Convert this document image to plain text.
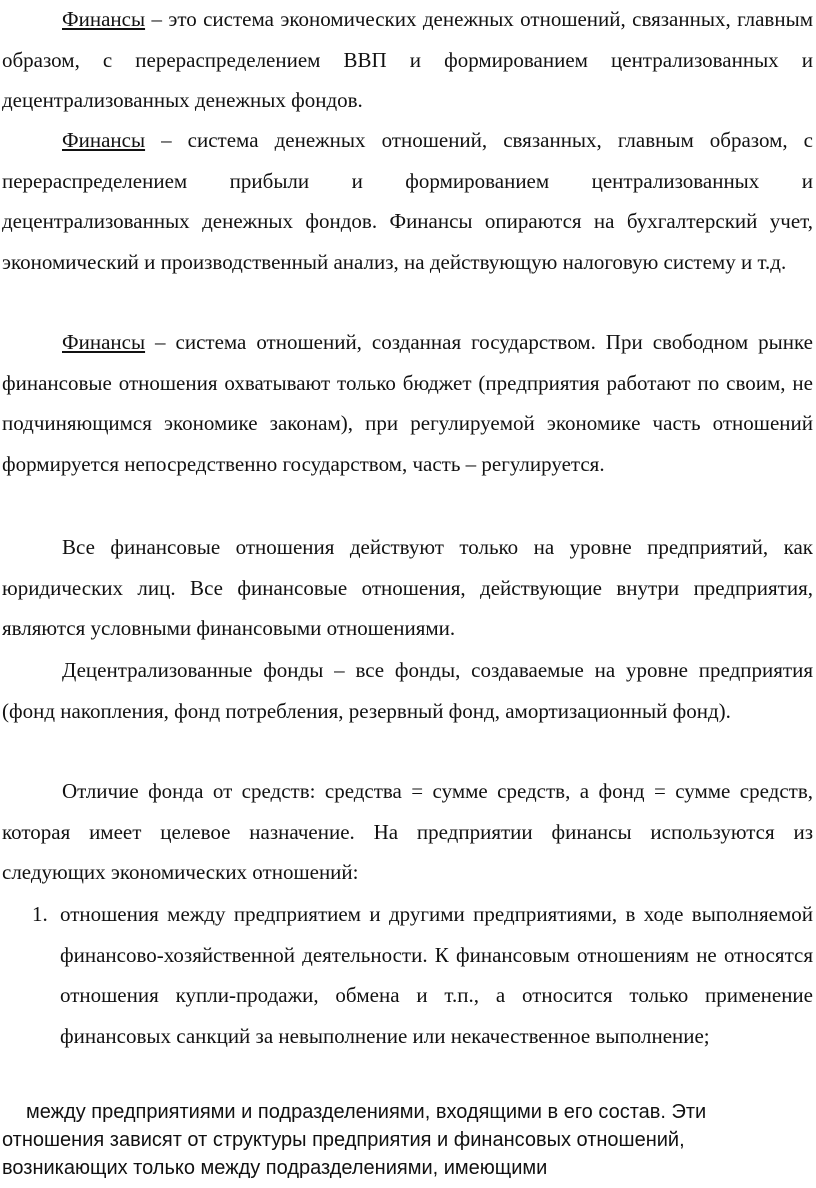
Финансы – это система экономических денежных отношений, связанных, главным образом, с перераспределением ВВП и формированием централизованных и децентрализованных денежных фондов.

Финансы – система денежных отношений, связанных, главным образом, с перераспределением прибыли и формированием централизованных и децентрализованных денежных фондов. Финансы опираются на бухгалтерский учет, экономический и производственный анализ, на действующую налоговую систему и т.д.

Финансы – система отношений, созданная государством. При свободном рынке финансовые отношения охватывают только бюджет (предприятия работают по своим, не подчиняющимся экономике законам), при регулируемой экономике часть отношений формируется непосредственно государством, часть – регулируется.

Все финансовые отношения действуют только на уровне предприятий, как юридических лиц. Все финансовые отношения, действующие внутри предприятия, являются условными финансовыми отношениями.

Децентрализованные фонды – все фонды, создаваемые на уровне предприятия (фонд накопления, фонд потребления, резервный фонд, амортизационный фонд).

Отличие фонда от средств: средства = сумме средств, а фонд = сумме средств, которая имеет целевое назначение. На предприятии финансы используются из следующих экономических отношений:

1. отношения между предприятием и другими предприятиями, в ходе выполняемой финансово-хозяйственной деятельности. К финансовым отношениям не относятся отношения купли-продажи, обмена и т.п., а относится только применение финансовых санкций за невыполнение или некачественное выполнение;
между предприятиями и подразделениями, входящими в его состав. Эти
отношения зависят от структуры предприятия и финансовых отношений,
возникающих только между подразделениями, имеющими
